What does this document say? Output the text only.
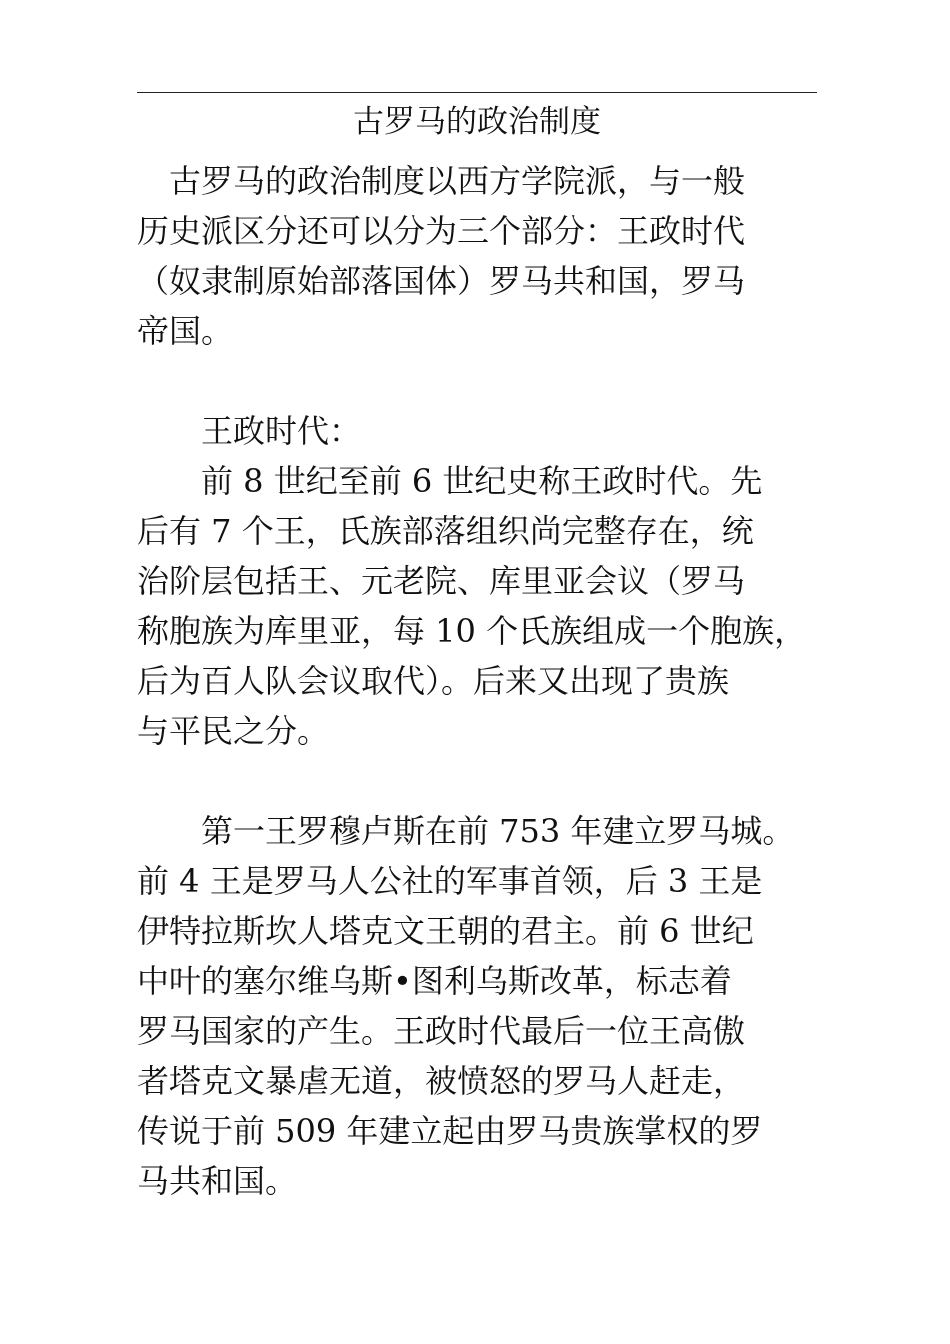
古罗马的政治制度
　古罗马的政治制度以西方学院派，与一般
历史派区分还可以分为三个部分：王政时代
（奴隶制原始部落国体）罗马共和国，罗马
帝国。
　　王政时代：
　　前 8 世纪至前 6 世纪史称王政时代。先
后有 7 个王，氏族部落组织尚完整存在，统
治阶层包括王、元老院、库里亚会议（罗马
称胞族为库里亚，每 10 个氏族组成一个胞族，
后为百人队会议取代）。后来又出现了贵族
与平民之分。
　　第一王罗穆卢斯在前 753 年建立罗马城。
前 4 王是罗马人公社的军事首领，后 3 王是
伊特拉斯坎人塔克文王朝的君主。前 6 世纪
中叶的塞尔维乌斯•图利乌斯改革，标志着
罗马国家的产生。王政时代最后一位王高傲
者塔克文暴虐无道，被愤怒的罗马人赶走，
传说于前 509 年建立起由罗马贵族掌权的罗
马共和国。
